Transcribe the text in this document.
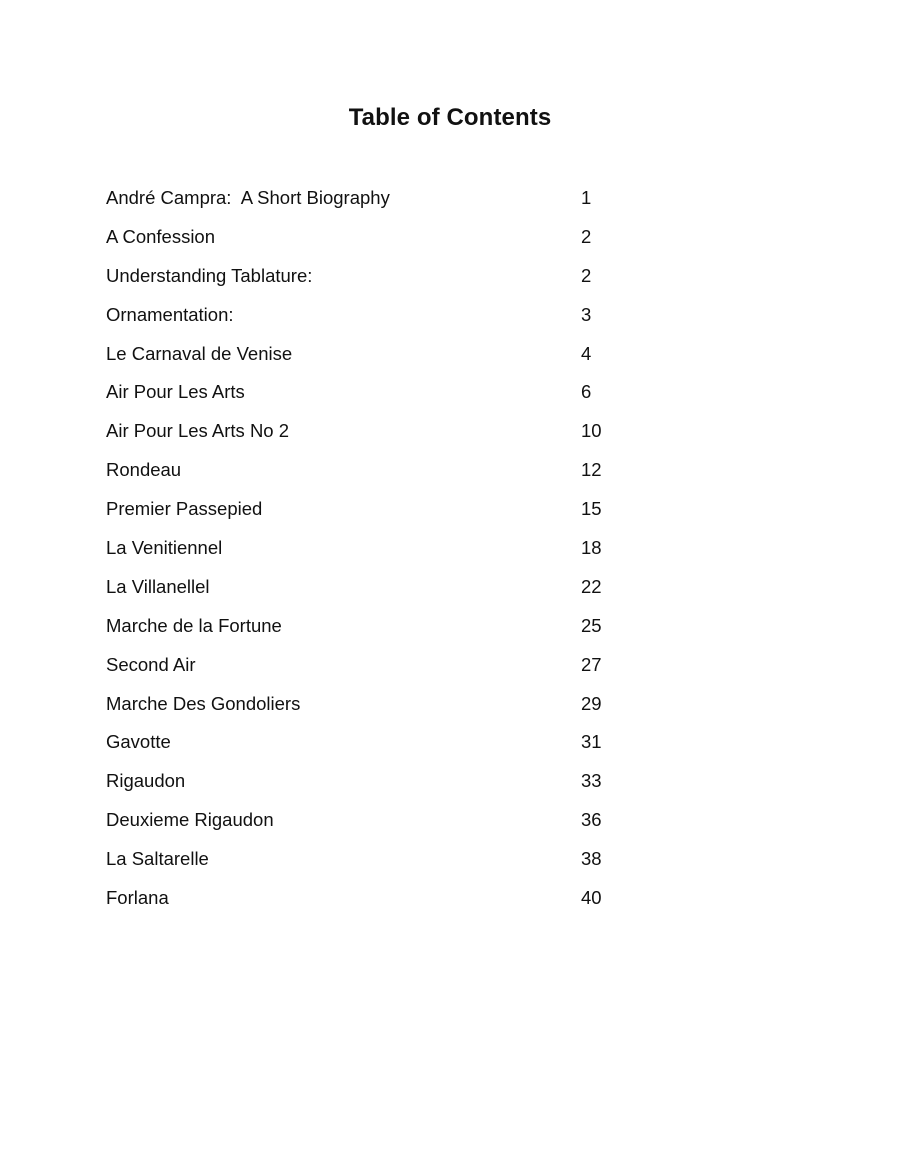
Table of Contents
André Campra:  A Short Biography	1
A Confession	2
Understanding Tablature:	2
Ornamentation:	3
Le Carnaval de Venise	4
Air Pour Les Arts	6
Air Pour Les Arts No 2	10
Rondeau	12
Premier Passepied	15
La Venitiennel	18
La Villanellel	22
Marche de la Fortune	25
Second Air	27
Marche Des Gondoliers	29
Gavotte	31
Rigaudon	33
Deuxieme Rigaudon	36
La Saltarelle	38
Forlana	40
